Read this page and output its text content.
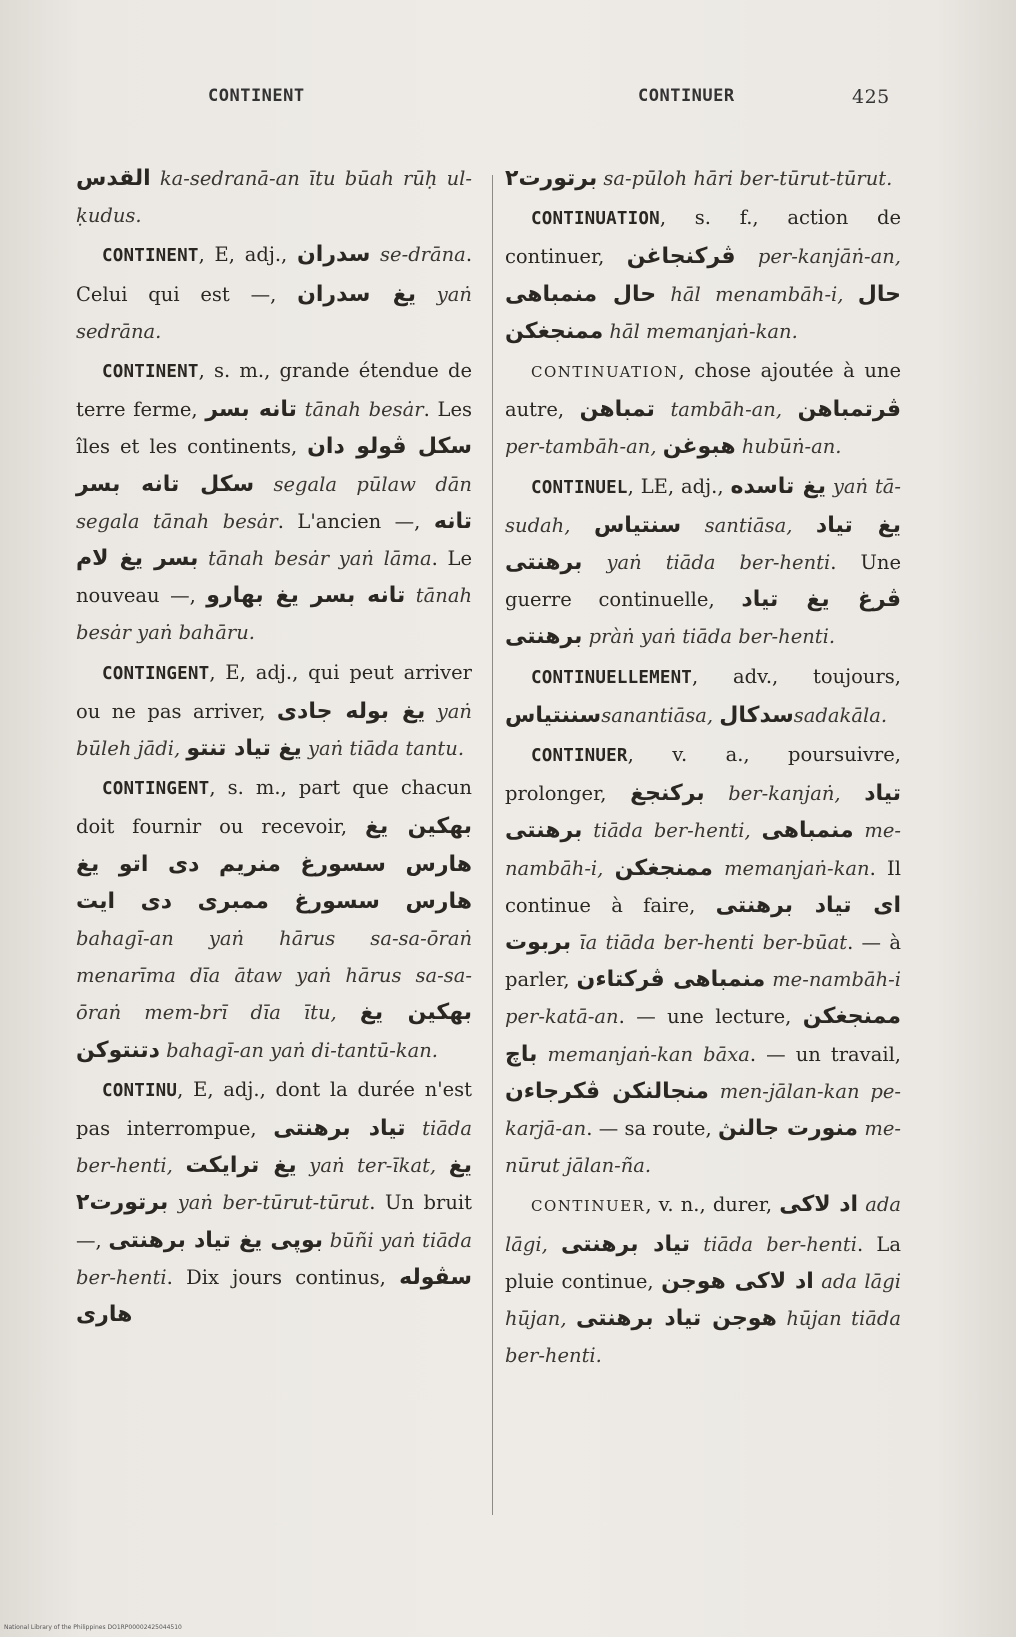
CONTINENT	CONTINUER	425

القدس ka-sedranā-an ītu būah rūḥ ul-ḳudus.

CONTINENT, E, adj., سدران se-drāna. Celui qui est —, يغ سدران yaṅ sedrāna.

CONTINENT, s. m., grande étendue de terre ferme, تانه بسر tānah besȧr. Les îles et les continents, سكل ڤولو دان سكل تانه بسر segala pūlaw dān segala tānah besȧr. L'ancien —, تانه بسر يغ لام tānah besȧr yaṅ lāma. Le nouveau —, تانه بسر يغ بهارو tānah besȧr yaṅ bahāru.

CONTINGENT, E, adj., qui peut arriver ou ne pas arriver, يغ بوله جادى yaṅ būleh jādi, يغ تياد تنتو yaṅ tiāda tantu.

CONTINGENT, s. m., part que chacun doit fournir ou recevoir, بهكين يغ هارس سسورغ منريم دى اتو يغ هارس سسورغ ممبرى دى ايت bahagī-an yaṅ hārus sa-sa-ōraṅ menarīma dīa ātaw yaṅ hārus sa-sa-ōraṅ mem-brī dīa ītu, بهكين يغ دتنتوكن bahagī-an yaṅ di-tantū-kan.

CONTINU, E, adj., dont la durée n'est pas interrompue, تياد برهنتى tiāda ber-henti, يغ ترايكت yaṅ ter-īkat, يغ برتورت٢ yaṅ ber-tūrut-tūrut. Un bruit —, بوپى يغ تياد برهنتى būñi yaṅ tiāda ber-henti. Dix jours continus, سڤوله هارى

برتورت٢ sa-pūloh hāri ber-tūrut-tūrut.

CONTINUATION, s. f., action de continuer, ڤركنجاغن per-kanjāṅ-an, حال منمباهى hāl menambāh-i, حال ممنجغكن hāl memanjaṅ-kan.

CONTINUATION, chose ajoutée à une autre, تمباهن tambāh-an, ڤرتمباهن per-tambāh-an, هبوغن hubūṅ-an.

CONTINUEL, LE, adj., يغ تاسده yaṅ tā-sudah, سنتياس santiāsa, يغ تياد برهنتى yaṅ tiāda ber-henti. Une guerre continuelle, ڤرغ يغ تياد برهنتى pràṅ yaṅ tiāda ber-henti.

CONTINUELLEMENT, adv., toujours, سننتياسsanantiāsa, سدكالsadakāla.

CONTINUER, v. a., poursuivre, prolonger, بركنجغ ber-kanjaṅ, تياد برهنتى tiāda ber-henti, منمباهى me-nambāh-i, ممنجغكن memanjaṅ-kan. Il continue à faire, اى تياد برهنتى بربوت īa tiāda ber-henti ber-būat. — à parler, منمباهى ڤركتاءن me-nambāh-i per-katā-an. — une lecture, ممنجغكن باچ memanjaṅ-kan bāxa. — un travail, منجالنكن ڤكرجاءن men-jālan-kan pe-karjā-an. — sa route, منورت جالنڽ me-nūrut jālan-ña.

CONTINUER, v. n., durer, اد لاكى ada lāgi, تياد برهنتى tiāda ber-henti. La pluie continue, اد لاكى هوجن ada lāgi hūjan, هوجن تياد برهنتى hūjan tiāda ber-henti.

National Library of the Philippines DO1RP00002425044510
